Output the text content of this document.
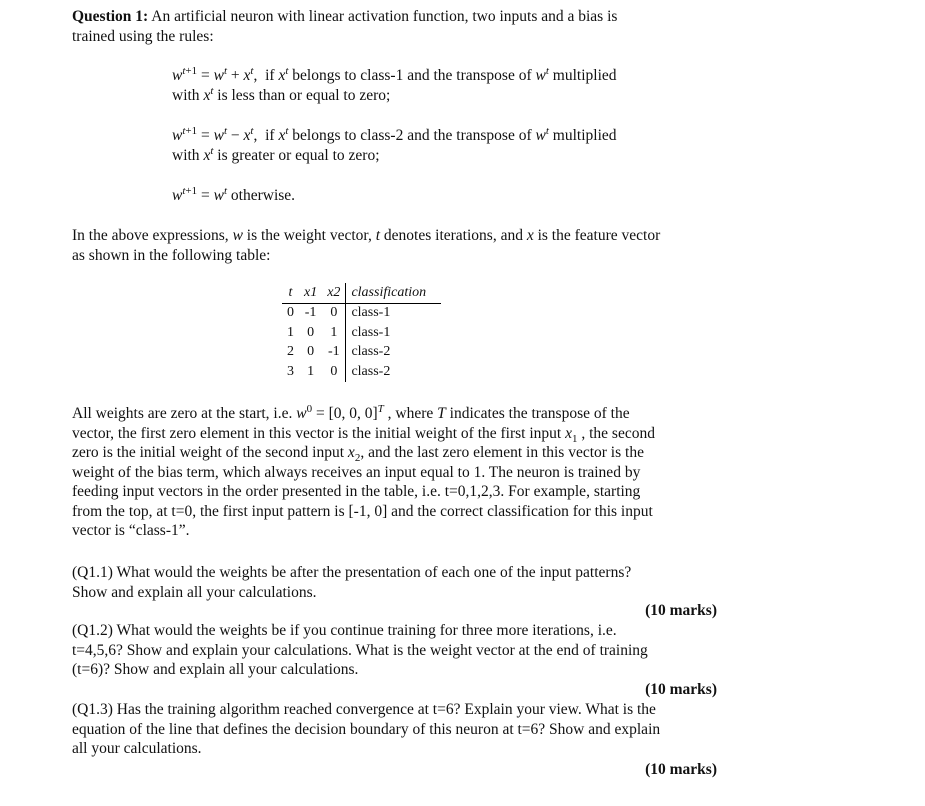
Question 1: An artificial neuron with linear activation function, two inputs and a bias is
trained using the rules:
$w^{t+1} = w^t + x^t$,  if $x^t$ belongs to class-1 and the transpose of $w^t$ multiplied
with $x^t$ is less than or equal to zero;
$w^{t+1} = w^t - x^t$,  if $x^t$ belongs to class-2 and the transpose of $w^t$ multiplied
with $x^t$ is greater or equal to zero;
$w^{t+1} = w^t$ otherwise.
In the above expressions, w is the weight vector, t denotes iterations, and x is the feature vector
as shown in the following table:
t	x1	x2	classification
0	-1	0	class-1
1	0	1	class-1
2	0	-1	class-2
3	1	0	class-2
All weights are zero at the start, i.e. $w^0 = [0$, 0, 0]$^T$ , where T indicates the transpose of the
vector, the first zero element in this vector is the initial weight of the first input $x_1$ , the second
zero is the initial weight of the second input $x_2$, and the last zero element in this vector is the
weight of the bias term, which always receives an input equal to 1. The neuron is trained by
feeding input vectors in the order presented in the table, i.e. t=0,1,2,3. For example, starting
from the top, at t=0, the first input pattern is [-1, 0] and the correct classification for this input
vector is “class-1”.
(Q1.1) What would the weights be after the presentation of each one of the input patterns?
Show and explain all your calculations.
(10 marks)
(Q1.2) What would the weights be if you continue training for three more iterations, i.e.
t=4,5,6? Show and explain your calculations. What is the weight vector at the end of training
(t=6)? Show and explain all your calculations.
(10 marks)
(Q1.3) Has the training algorithm reached convergence at t=6? Explain your view. What is the
equation of the line that defines the decision boundary of this neuron at t=6? Show and explain
all your calculations.
(10 marks)
